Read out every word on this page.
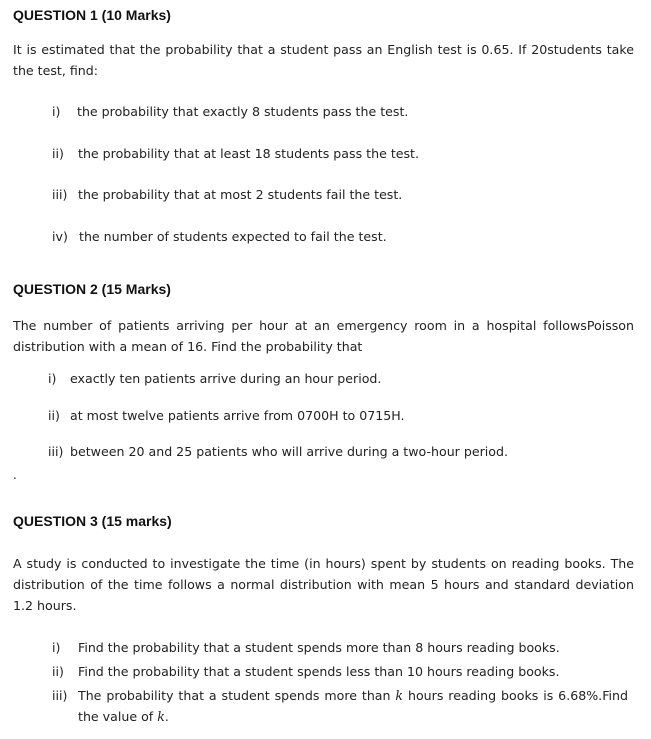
QUESTION 1 (10 Marks)

It is estimated that the probability that a student pass an English test is 0.65. If 20students take the test, find:

i) the probability that exactly 8 students pass the test.
ii) the probability that at least 18 students pass the test.
iii) the probability that at most 2 students fail the test.
iv) the number of students expected to fail the test.
QUESTION 2 (15 Marks)

The number of patients arriving per hour at an emergency room in a hospital followsPoisson distribution with a mean of 16. Find the probability that

i) exactly ten patients arrive during an hour period.
ii) at most twelve patients arrive from 0700H to 0715H.
iii) between 20 and 25 patients who will arrive during a two-hour period.
.
QUESTION 3 (15 marks)

A study is conducted to investigate the time (in hours) spent by students on reading books. The distribution of the time follows a normal distribution with mean 5 hours and standard deviation 1.2 hours.

i) Find the probability that a student spends more than 8 hours reading books.
ii) Find the probability that a student spends less than 10 hours reading books.
iii) The probability that a student spends more than k hours reading books is 6.68%.Find the value of k.
